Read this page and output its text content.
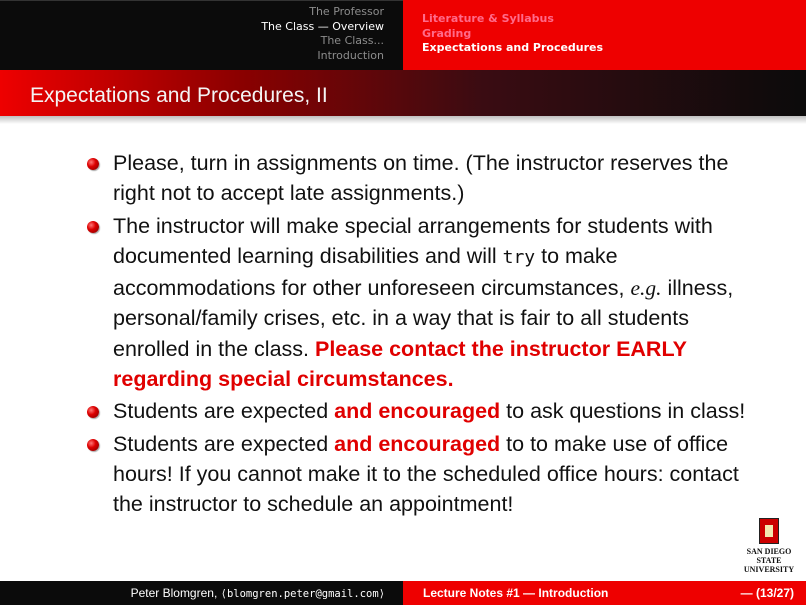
The Professor
The Class — Overview
The Class...
Introduction
Literature & Syllabus
Grading
Expectations and Procedures
Expectations and Procedures, II
Please, turn in assignments on time. (The instructor reserves the right not to accept late assignments.)
The instructor will make special arrangements for students with documented learning disabilities and will try to make accommodations for other unforeseen circumstances, e.g. illness, personal/family crises, etc. in a way that is fair to all students enrolled in the class. Please contact the instructor EARLY regarding special circumstances.
Students are expected and encouraged to ask questions in class!
Students are expected and encouraged to to make use of office hours! If you cannot make it to the scheduled office hours: contact the instructor to schedule an appointment!
SAN DIEGO STATE
UNIVERSITY
Peter Blomgren, ⟨blomgren.peter@gmail.com⟩	Lecture Notes #1 — Introduction	— (13/27)
